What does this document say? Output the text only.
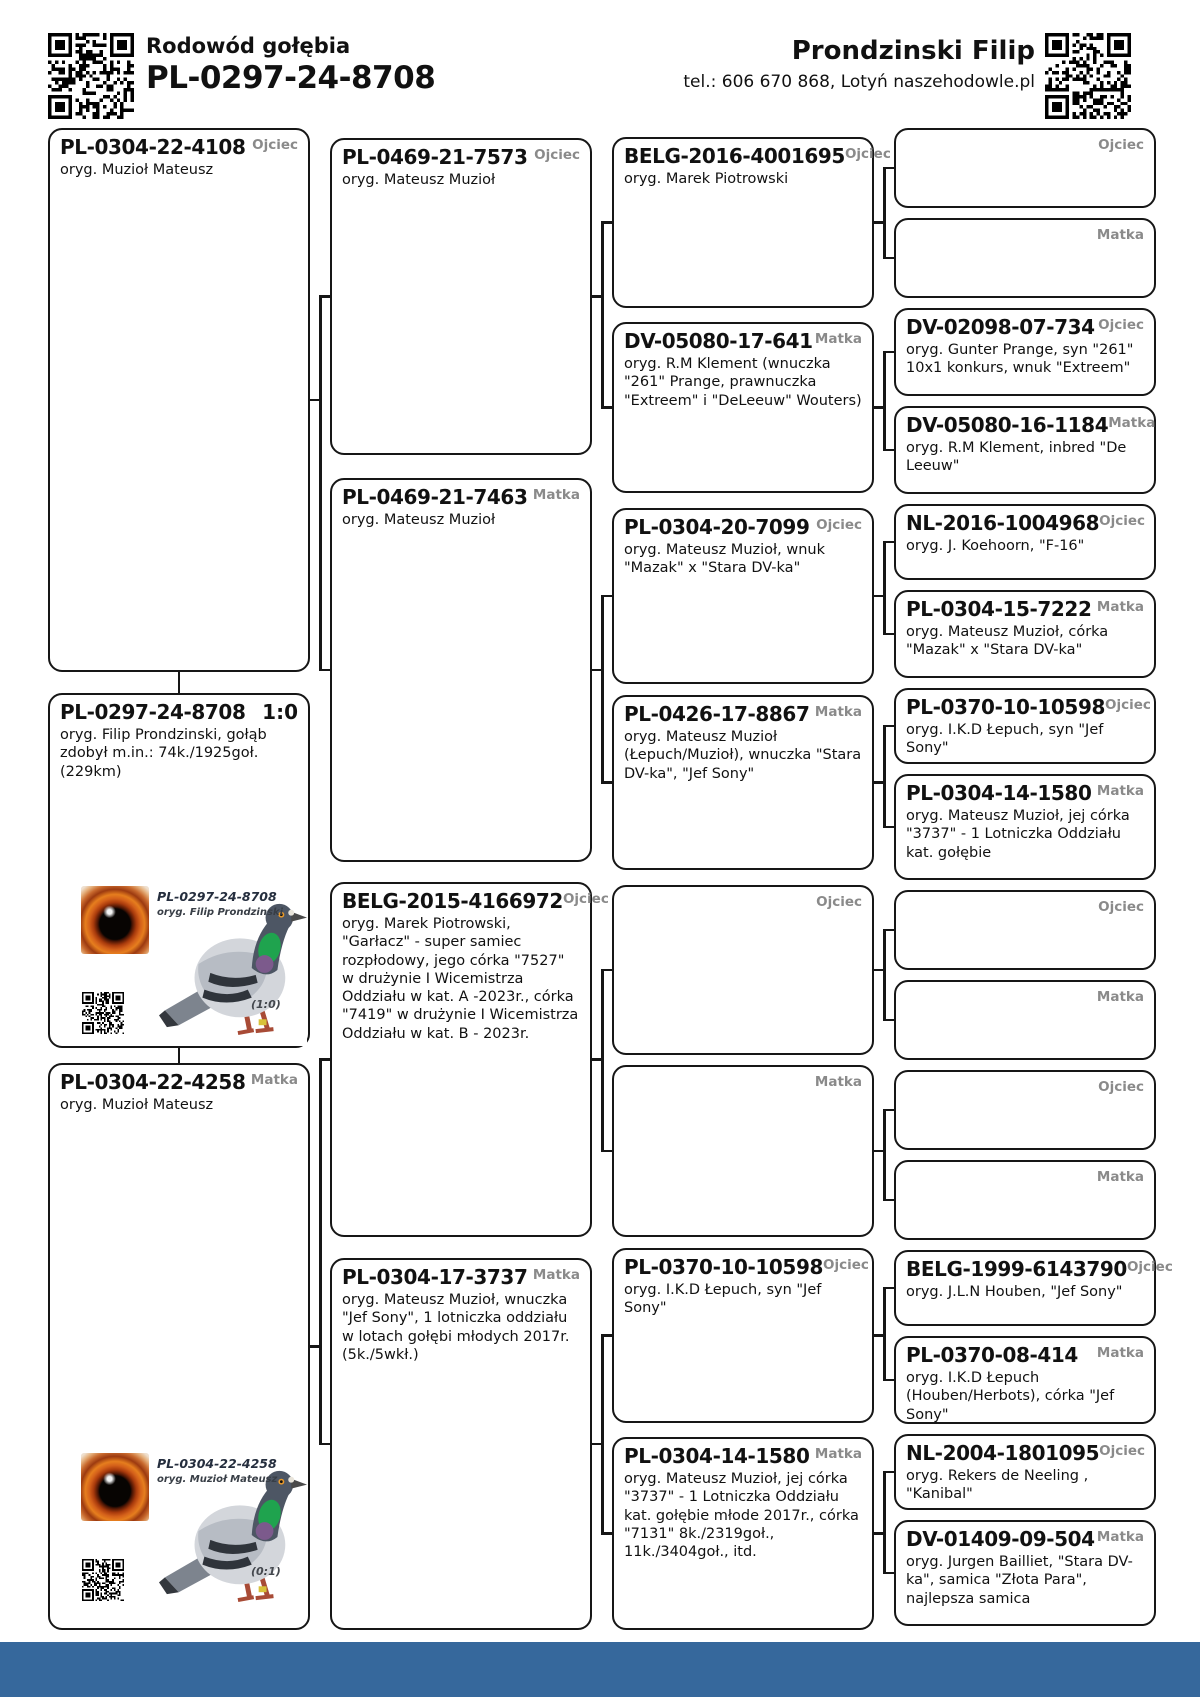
Rodowód gołębia
PL-0297-24-8708
Prondzinski Filip
tel.: 606 670 868, Lotyń naszehodowle.pl
PL-0304-22-4108 Ojciec
oryg. Muzioł Mateusz
PL-0297-24-8708 1:0
oryg. Filip Prondzinski, gołąb zdobył m.in.: 74k./1925goł. (229km)
PL-0297-24-8708
oryg. Filip Prondzinski
(1:0)
PL-0304-22-4258 Matka
oryg. Muzioł Mateusz
PL-0304-22-4258
oryg. Muzioł Mateusz
(0:1)
PL-0469-21-7573 Ojciec
oryg. Mateusz Muzioł
PL-0469-21-7463 Matka
oryg. Mateusz Muzioł
BELG-2015-4166972 Ojciec
oryg. Marek Piotrowski, "Garłacz" - super samiec rozpłodowy, jego córka "7527" w drużynie I Wicemistrza Oddziału w kat. A -2023r., córka "7419" w drużynie I Wicemistrza Oddziału w kat. B - 2023r.
PL-0304-17-3737 Matka
oryg. Mateusz Muzioł, wnuczka "Jef Sony", 1 lotniczka oddziału w lotach gołębi młodych 2017r. (5k./5wkł.)
BELG-2016-4001695 Ojciec
oryg. Marek Piotrowski
DV-05080-17-641 Matka
oryg. R.M Klement (wnuczka "261" Prange, prawnuczka "Extreem" i "DeLeeuw" Wouters)
PL-0304-20-7099 Ojciec
oryg. Mateusz Muzioł, wnuk "Mazak" x "Stara DV-ka"
PL-0426-17-8867 Matka
oryg. Mateusz Muzioł (Łepuch/Muzioł), wnuczka "Stara DV-ka", "Jef Sony"
Ojciec
Matka
PL-0370-10-10598 Ojciec
oryg. I.K.D Łepuch, syn "Jef Sony"
PL-0304-14-1580 Matka
oryg. Mateusz Muzioł, jej córka "3737" - 1 Lotniczka Oddziału kat. gołębie młode 2017r., córka "7131" 8k./2319goł., 11k./3404goł., itd.
Ojciec
Matka
DV-02098-07-734 Ojciec
oryg. Gunter Prange, syn "261" 10x1 konkurs, wnuk "Extreem"
DV-05080-16-1184 Matka
oryg. R.M Klement, inbred "De Leeuw"
NL-2016-1004968 Ojciec
oryg. J. Koehoorn, "F-16"
PL-0304-15-7222 Matka
oryg. Mateusz Muzioł, córka "Mazak" x "Stara DV-ka"
PL-0370-10-10598 Ojciec
oryg. I.K.D Łepuch, syn "Jef Sony"
PL-0304-14-1580 Matka
oryg. Mateusz Muzioł, jej córka "3737" - 1 Lotniczka Oddziału kat. gołębie
Ojciec
Matka
Ojciec
Matka
BELG-1999-6143790 Ojciec
oryg. J.L.N Houben, "Jef Sony"
PL-0370-08-414 Matka
oryg. I.K.D Łepuch (Houben/Herbots), córka "Jef Sony"
NL-2004-1801095 Ojciec
oryg. Rekers de Neeling , "Kanibal"
DV-01409-09-504 Matka
oryg. Jurgen Bailliet, "Stara DV-ka", samica "Złota Para", najlepsza samica
